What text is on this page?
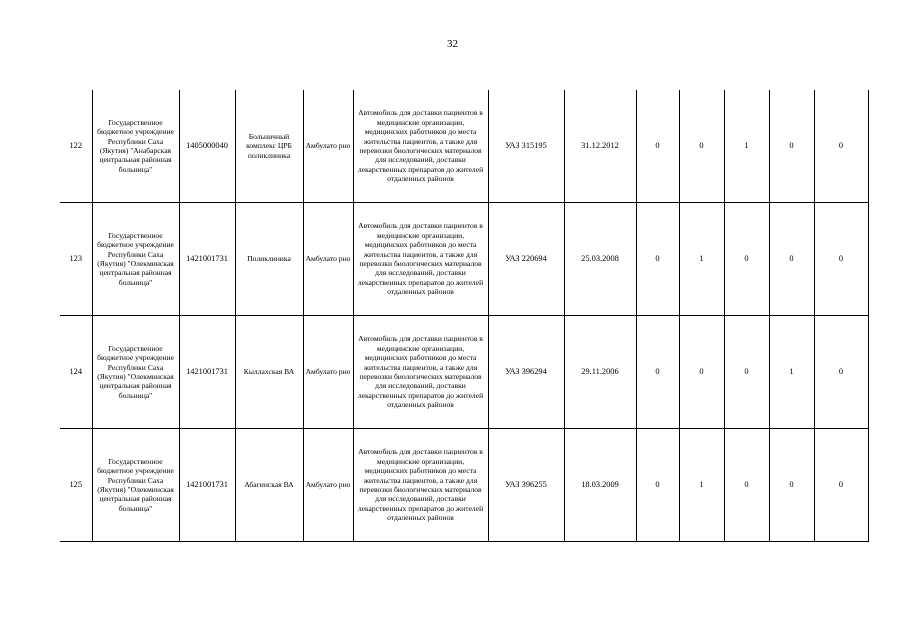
32
122	Государственное бюджетное учреждение Республики Саха (Якутия) "Анабарская центральная районная больница"	1405000040	Больничный комплекс ЦРБ поликлиника	Амбулато рно	Автомобиль для доставки пациентов в медицинские организации, медицинских работников до места жительства пациентов, а также для перевозки биологических материалов для исследований, доставки лекарственных препаратов до жителей отдаленных районов	УАЗ 315195	31.12.2012	0	0	1	0	0
123	Государственное бюджетное учреждение Республики Саха (Якутия) "Олекминская центральная районная больница"	1421001731	Поликлиника	Амбулато рно	Автомобиль для доставки пациентов в медицинские организации, медицинских работников до места жительства пациентов, а также для перевозки биологических материалов для исследований, доставки лекарственных препаратов до жителей отдаленных районов	УАЗ 220694	25.03.2008	0	1	0	0	0
124	Государственное бюджетное учреждение Республики Саха (Якутия) "Олекминская центральная районная больница"	1421001731	Кыллахская ВА	Амбулато рно	Автомобиль для доставки пациентов в медицинские организации, медицинских работников до места жительства пациентов, а также для перевозки биологических материалов для исследований, доставки лекарственных препаратов до жителей отдаленных районов	УАЗ 396294	29.11.2006	0	0	0	1	0
125	Государственное бюджетное учреждение Республики Саха (Якутия) "Олекминская центральная районная больница"	1421001731	Абагинская ВА	Амбулато рно	Автомобиль для доставки пациентов в медицинские организации, медицинских работников до места жительства пациентов, а также для перевозки биологических материалов для исследований, доставки лекарственных препаратов до жителей отдаленных районов	УАЗ 396255	18.03.2009	0	1	0	0	0
